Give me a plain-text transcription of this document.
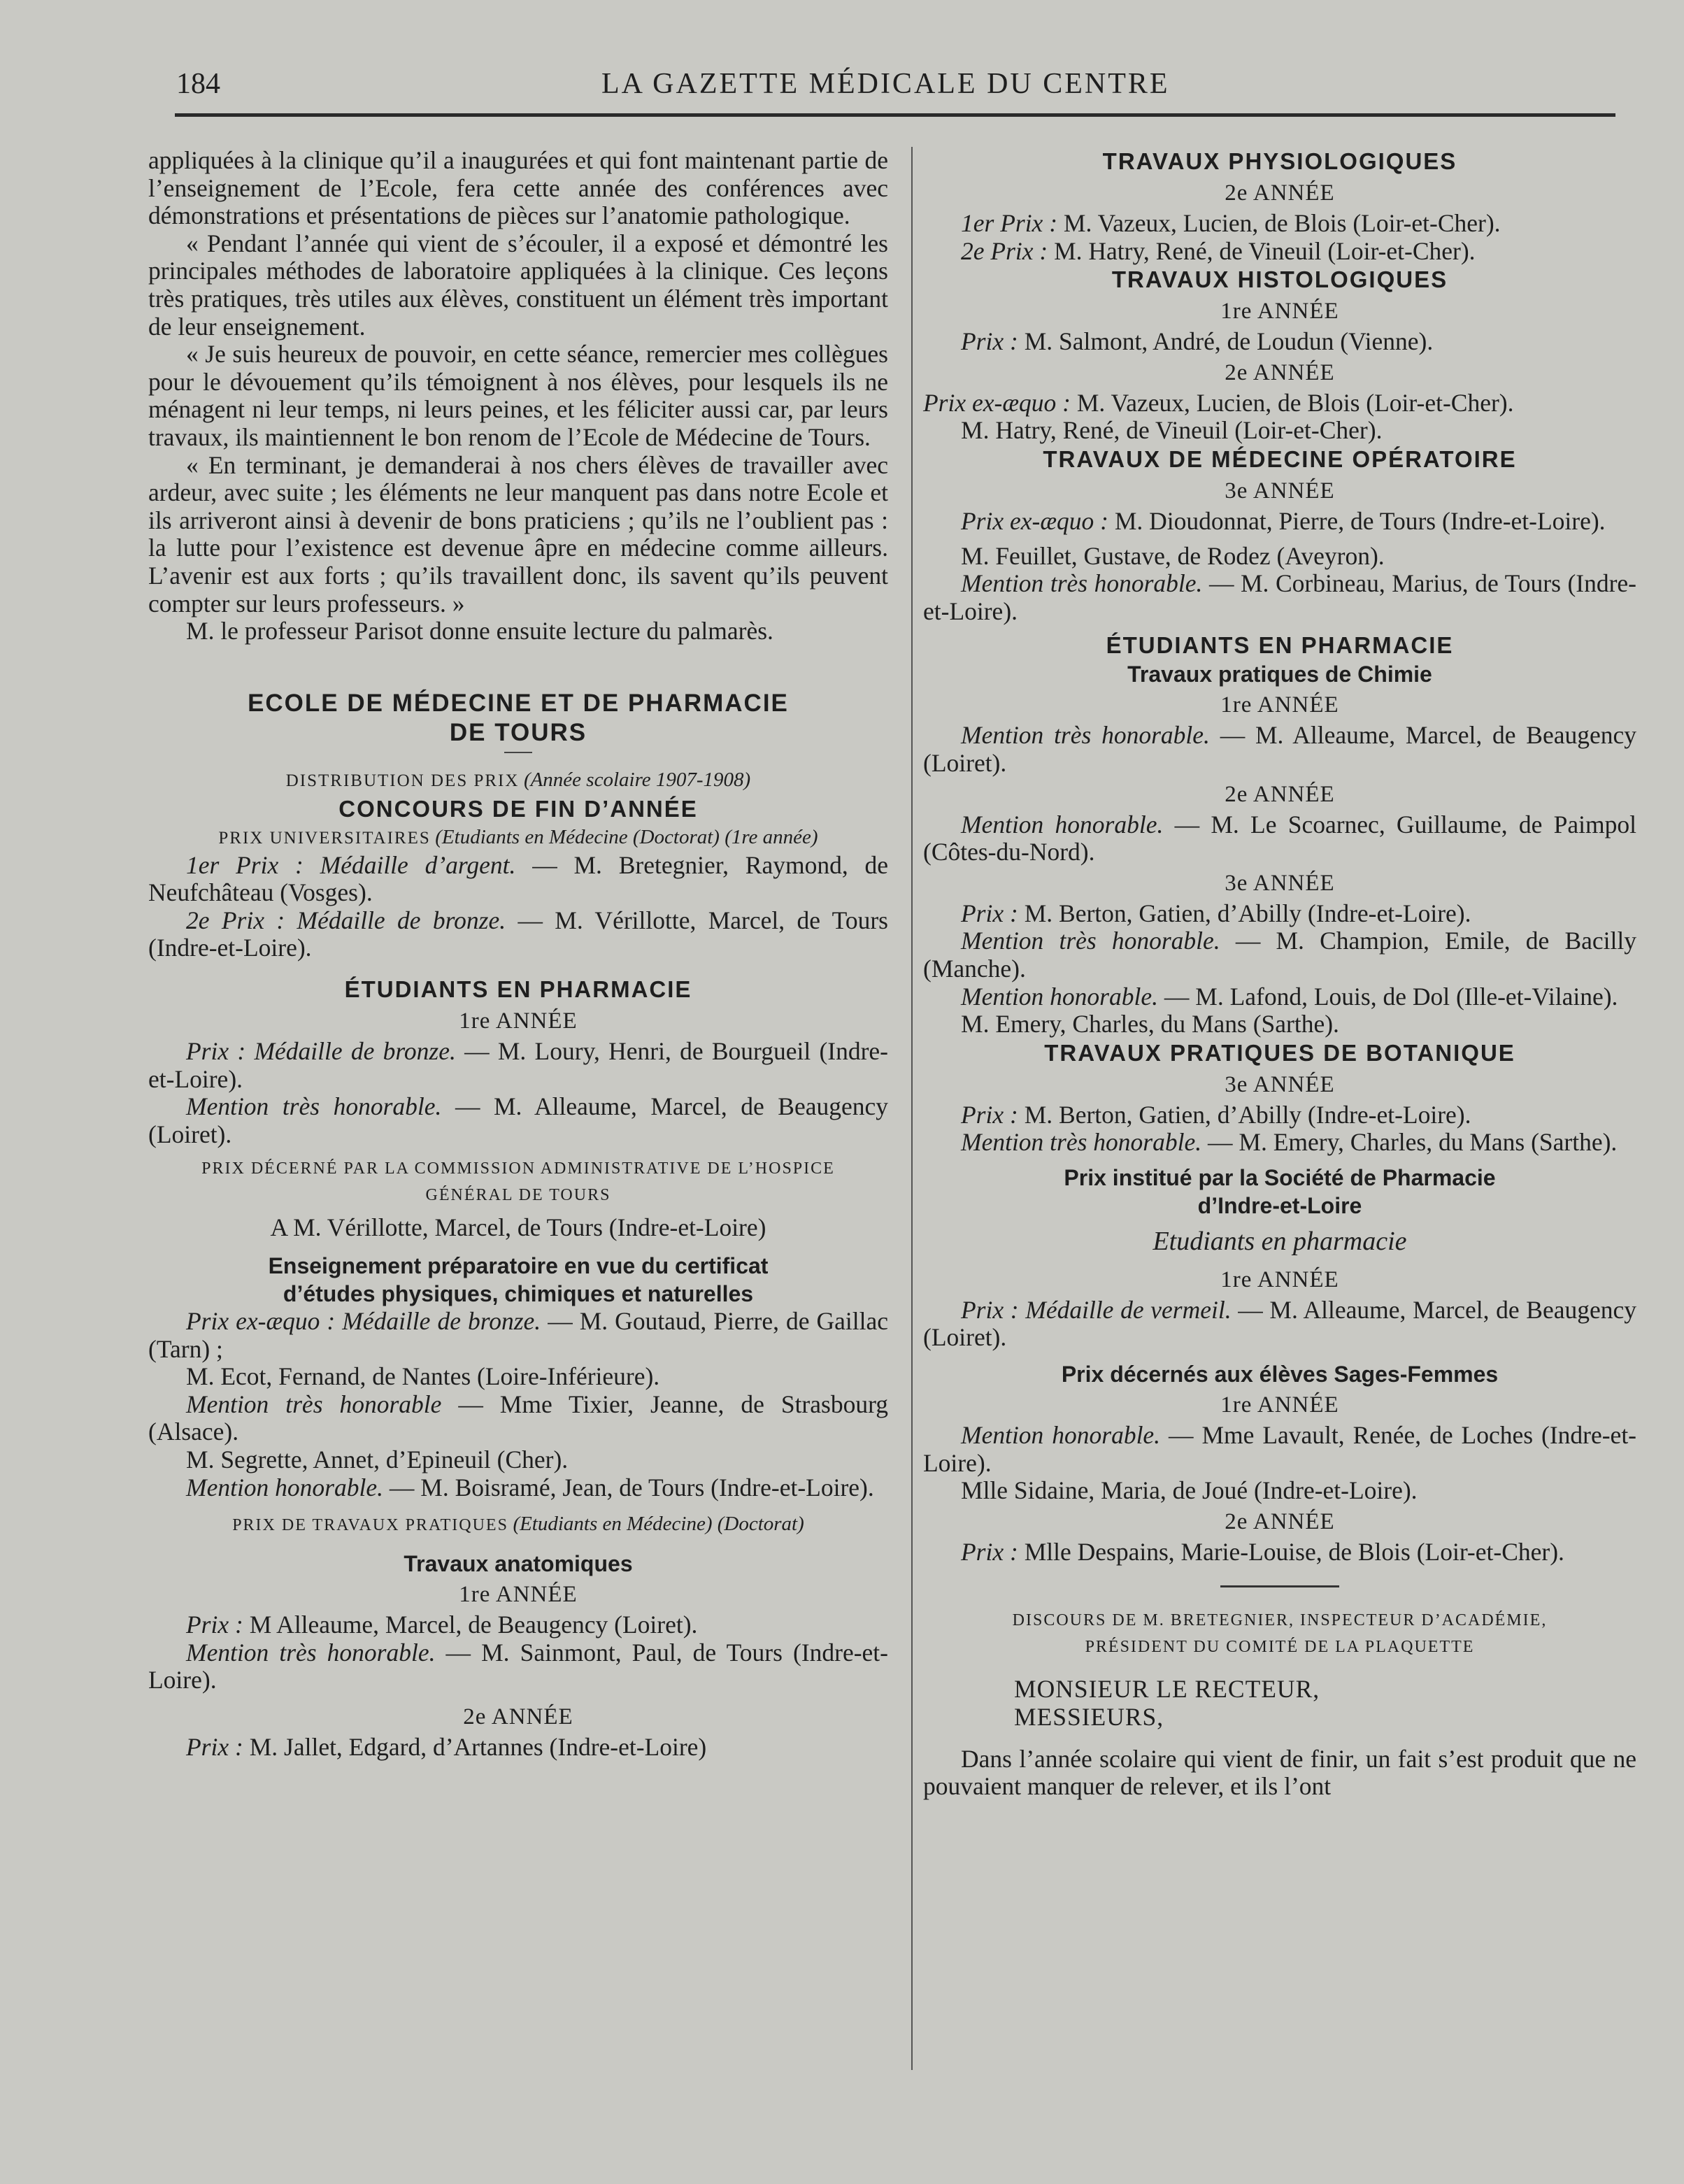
184	LA GAZETTE MÉDICALE DU CENTRE

appliquées à la clinique qu’il a inaugurées et qui font maintenant partie de l’enseignement de l’Ecole, fera cette année des conférences avec démonstrations et présentations de pièces sur l’anatomie pathologique.

« Pendant l’année qui vient de s’écouler, il a exposé et démontré les principales méthodes de laboratoire appliquées à la clinique. Ces leçons très pratiques, très utiles aux élèves, constituent un élément très important de leur enseignement.

« Je suis heureux de pouvoir, en cette séance, remercier mes collègues pour le dévouement qu’ils témoignent à nos élèves, pour lesquels ils ne ménagent ni leur temps, ni leurs peines, et les féliciter aussi car, par leurs travaux, ils maintiennent le bon renom de l’Ecole de Médecine de Tours.

« En terminant, je demanderai à nos chers élèves de travailler avec ardeur, avec suite ; les éléments ne leur manquent pas dans notre Ecole et ils arriveront ainsi à devenir de bons praticiens ; qu’ils ne l’oublient pas : la lutte pour l’existence est devenue âpre en médecine comme ailleurs. L’avenir est aux forts ; qu’ils travaillent donc, ils savent qu’ils peuvent compter sur leurs professeurs. »

M. le professeur Parisot donne ensuite lecture du palmarès.

ECOLE DE MÉDECINE ET DE PHARMACIE
DE TOURS
DISTRIBUTION DES PRIX (Année scolaire 1907-1908)
CONCOURS DE FIN D’ANNÉE
PRIX UNIVERSITAIRES (Etudiants en Médecine (Doctorat) (1re année)

1er Prix : Médaille d’argent. — M. Bretegnier, Raymond, de Neufchâteau (Vosges).

2e Prix : Médaille de bronze. — M. Vérillotte, Marcel, de Tours (Indre-et-Loire).

ÉTUDIANTS EN PHARMACIE
1re ANNÉE

Prix : Médaille de bronze. — M. Loury, Henri, de Bourgueil (Indre-et-Loire).

Mention très honorable. — M. Alleaume, Marcel, de Beaugency (Loiret).

PRIX DÉCERNÉ PAR LA COMMISSION ADMINISTRATIVE DE L’HOSPICE
GÉNÉRAL DE TOURS
A M. Vérillotte, Marcel, de Tours (Indre-et-Loire)
Enseignement préparatoire en vue du certificat
d’études physiques, chimiques et naturelles

Prix ex-æquo : Médaille de bronze. — M. Goutaud, Pierre, de Gaillac (Tarn) ;

M. Ecot, Fernand, de Nantes (Loire-Inférieure).

Mention très honorable — Mme Tixier, Jeanne, de Strasbourg (Alsace).

M. Segrette, Annet, d’Epineuil (Cher).

Mention honorable. — M. Boisramé, Jean, de Tours (Indre-et-Loire).

PRIX DE TRAVAUX PRATIQUES (Etudiants en Médecine) (Doctorat)
Travaux anatomiques
1re ANNÉE

Prix : M Alleaume, Marcel, de Beaugency (Loiret).

Mention très honorable. — M. Sainmont, Paul, de Tours (Indre-et-Loire).

2e ANNÉE

Prix : M. Jallet, Edgard, d’Artannes (Indre-et-Loire)

TRAVAUX PHYSIOLOGIQUES
2e ANNÉE

1er Prix : M. Vazeux, Lucien, de Blois (Loir-et-Cher).

2e Prix : M. Hatry, René, de Vineuil (Loir-et-Cher).

TRAVAUX HISTOLOGIQUES
1re ANNÉE

Prix : M. Salmont, André, de Loudun (Vienne).

2e ANNÉE

Prix ex-æquo : M. Vazeux, Lucien, de Blois (Loir-et-Cher).

M. Hatry, René, de Vineuil (Loir-et-Cher).

TRAVAUX DE MÉDECINE OPÉRATOIRE
3e ANNÉE

Prix ex-æquo : M. Dioudonnat, Pierre, de Tours (Indre-et-Loire).

M. Feuillet, Gustave, de Rodez (Aveyron).

Mention très honorable. — M. Corbineau, Marius, de Tours (Indre-et-Loire).

ÉTUDIANTS EN PHARMACIE
Travaux pratiques de Chimie
1re ANNÉE

Mention très honorable. — M. Alleaume, Marcel, de Beaugency (Loiret).

2e ANNÉE

Mention honorable. — M. Le Scoarnec, Guillaume, de Paimpol (Côtes-du-Nord).

3e ANNÉE

Prix : M. Berton, Gatien, d’Abilly (Indre-et-Loire).

Mention très honorable. — M. Champion, Emile, de Bacilly (Manche).

Mention honorable. — M. Lafond, Louis, de Dol (Ille-et-Vilaine).

M. Emery, Charles, du Mans (Sarthe).

TRAVAUX PRATIQUES DE BOTANIQUE
3e ANNÉE

Prix : M. Berton, Gatien, d’Abilly (Indre-et-Loire).

Mention très honorable. — M. Emery, Charles, du Mans (Sarthe).

Prix institué par la Société de Pharmacie
d’Indre-et-Loire
Etudiants en pharmacie
1re ANNÉE

Prix : Médaille de vermeil. — M. Alleaume, Marcel, de Beaugency (Loiret).

Prix décernés aux élèves Sages-Femmes
1re ANNÉE

Mention honorable. — Mme Lavault, Renée, de Loches (Indre-et-Loire).

Mlle Sidaine, Maria, de Joué (Indre-et-Loire).

2e ANNÉE

Prix : Mlle Despains, Marie-Louise, de Blois (Loir-et-Cher).

DISCOURS DE M. BRETEGNIER, INSPECTEUR D’ACADÉMIE,
PRÉSIDENT DU COMITÉ DE LA PLAQUETTE

MONSIEUR LE RECTEUR,

MESSIEURS,

Dans l’année scolaire qui vient de finir, un fait s’est produit que ne pouvaient manquer de relever, et ils l’ont
